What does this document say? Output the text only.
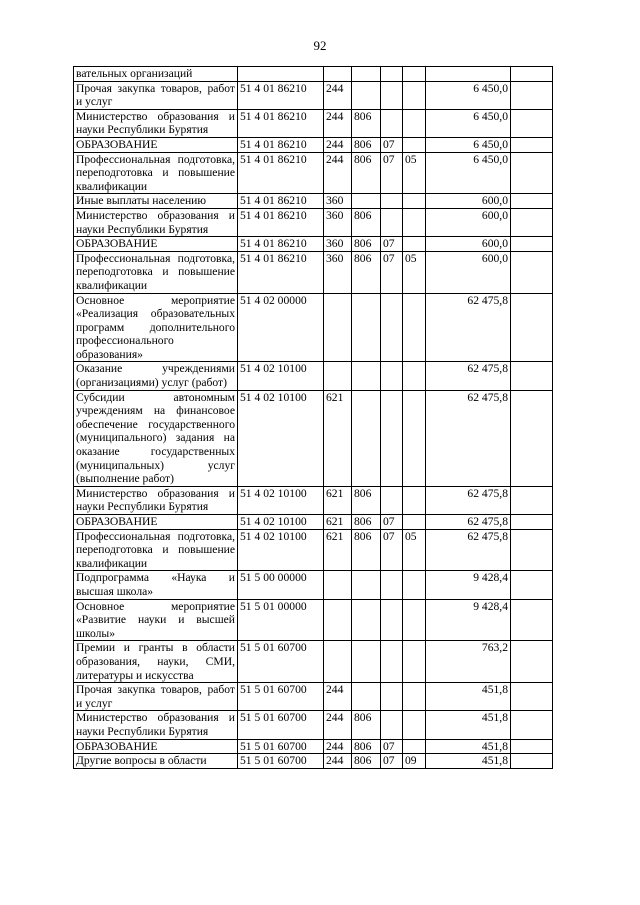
92
вательных организаций							
Прочая закупка товаров, работ и услуг	51 4 01 86210	244				6 450,0	
Министерство образования и науки Республики Бурятия	51 4 01 86210	244	806			6 450,0	
ОБРАЗОВАНИЕ	51 4 01 86210	244	806	07		6 450,0	
Профессиональная подготовка, переподготовка и повышение квалификации	51 4 01 86210	244	806	07	05	6 450,0	
Иные выплаты населению	51 4 01 86210	360				600,0	
Министерство образования и науки Республики Бурятия	51 4 01 86210	360	806			600,0	
ОБРАЗОВАНИЕ	51 4 01 86210	360	806	07		600,0	
Профессиональная подготовка, переподготовка и повышение квалификации	51 4 01 86210	360	806	07	05	600,0	
Основное мероприятие «Реализация образовательных программ дополнительного профессионального образования»	51 4 02 00000					62 475,8	
Оказание учреждениями (организациями) услуг (работ)	51 4 02 10100					62 475,8	
Субсидии автономным учреждениям на финансовое обеспечение государственного (муниципального) задания на оказание государственных (муниципальных) услуг (выполнение работ)	51 4 02 10100	621				62 475,8	
Министерство образования и науки Республики Бурятия	51 4 02 10100	621	806			62 475,8	
ОБРАЗОВАНИЕ	51 4 02 10100	621	806	07		62 475,8	
Профессиональная подготовка, переподготовка и повышение квалификации	51 4 02 10100	621	806	07	05	62 475,8	
Подпрограмма «Наука и высшая школа»	51 5 00 00000					9 428,4	
Основное мероприятие «Развитие науки и высшей школы»	51 5 01 00000					9 428,4	
Премии и гранты в области образования, науки, СМИ, литературы и искусства	51 5 01 60700					763,2	
Прочая закупка товаров, работ и услуг	51 5 01 60700	244				451,8	
Министерство образования и науки Республики Бурятия	51 5 01 60700	244	806			451,8	
ОБРАЗОВАНИЕ	51 5 01 60700	244	806	07		451,8	
Другие вопросы в области	51 5 01 60700	244	806	07	09	451,8	
